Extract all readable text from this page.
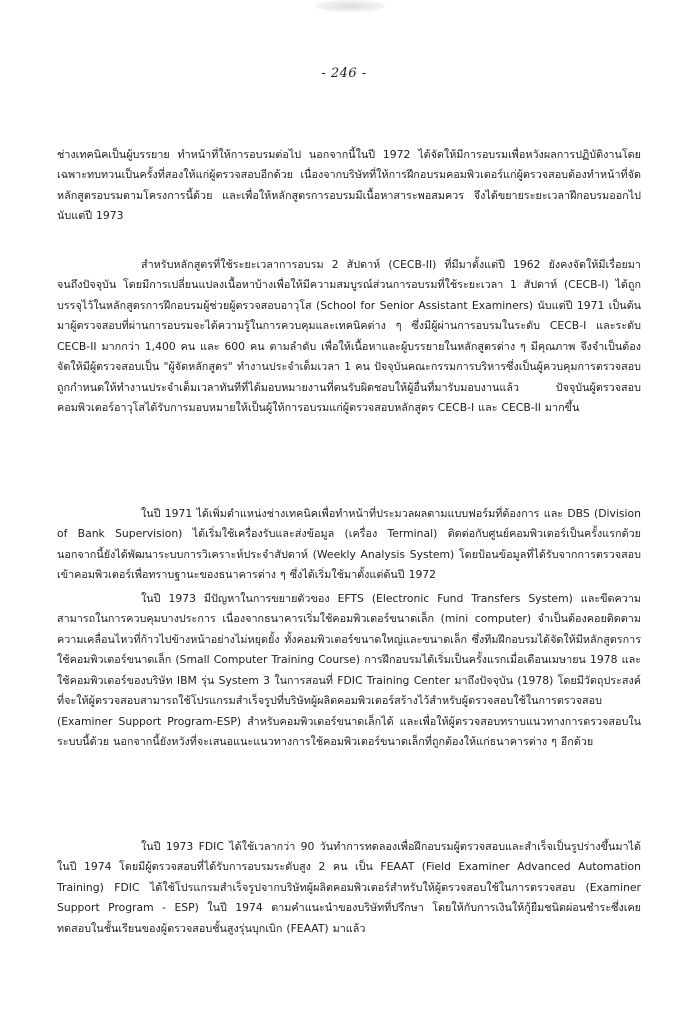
- 246 -

ช่างเทคนิคเป็นผู้บรรยาย ทำหน้าที่ให้การอบรมต่อไป นอกจากนี้ในปี 1972 ได้จัดให้มีการอบรมเพื่อหวังผลการปฏิบัติงานโดยเฉพาะทบทวนเป็นครั้งที่สองให้แก่ผู้ตรวจสอบอีกด้วย เนื่องจากบริษัทที่ให้การฝึกอบรมคอมพิวเตอร์แก่ผู้ตรวจสอบต้องทำหน้าที่จัดหลักสูตรอบรมตามโครงการนี้ด้วย และเพื่อให้หลักสูตรการอบรมมีเนื้อหาสาระพอสมควร จึงได้ขยายระยะเวลาฝึกอบรมออกไปนับแต่ปี 1973

สำหรับหลักสูตรที่ใช้ระยะเวลาการอบรม 2 สัปดาห์ (CECB-II) ที่มีมาตั้งแต่ปี 1962 ยังคงจัดให้มีเรื่อยมาจนถึงปัจจุบัน โดยมีการเปลี่ยนแปลงเนื้อหาบ้างเพื่อให้มีความสมบูรณ์ส่วนการอบรมที่ใช้ระยะเวลา 1 สัปดาห์ (CECB-I) ได้ถูกบรรจุไว้ในหลักสูตรการฝึกอบรมผู้ช่วยผู้ตรวจสอบอาวุโส (School for Senior Assistant Examiners) นับแต่ปี 1971 เป็นต้นมาผู้ตรวจสอบที่ผ่านการอบรมจะได้ความรู้ในการควบคุมและเทคนิคต่าง ๆ ซึ่งมีผู้ผ่านการอบรมในระดับ CECB-I และระดับ CECB-II มากกว่า 1,400 คน และ 600 คน ตามลำดับ เพื่อให้เนื้อหาและผู้บรรยายในหลักสูตรต่าง ๆ มีคุณภาพ จึงจำเป็นต้องจัดให้มีผู้ตรวจสอบเป็น "ผู้จัดหลักสูตร" ทำงานประจำเต็มเวลา 1 คน ปัจจุบันคณะกรรมการบริหารซึ่งเป็นผู้ควบคุมการตรวจสอบถูกกำหนดให้ทำงานประจำเต็มเวลาทันทีที่ได้มอบหมายงานที่ตนรับผิดชอบให้ผู้อื่นที่มารับมอบงานแล้ว ปัจจุบันผู้ตรวจสอบคอมพิวเตอร์อาวุโสได้รับการมอบหมายให้เป็นผู้ให้การอบรมแก่ผู้ตรวจสอบหลักสูตร CECB-I และ CECB-II มากขึ้น

ในปี 1971 ได้เพิ่มตำแหน่งช่างเทคนิคเพื่อทำหน้าที่ประมวลผลตามแบบฟอร์มที่ต้องการ และ DBS (Division of Bank Supervision) ได้เริ่มใช้เครื่องรับและส่งข้อมูล (เครื่อง Terminal) ติดต่อกับศูนย์คอมพิวเตอร์เป็นครั้งแรกด้วย นอกจากนี้ยังได้พัฒนาระบบการวิเคราะห์ประจำสัปดาห์ (Weekly Analysis System) โดยป้อนข้อมูลที่ได้รับจากการตรวจสอบเข้าคอมพิวเตอร์เพื่อทราบฐานะของธนาคารต่าง ๆ ซึ่งได้เริ่มใช้มาตั้งแต่ต้นปี 1972

ในปี 1973 มีปัญหาในการขยายตัวของ EFTS (Electronic Fund Transfers System) และขีดความสามารถในการควบคุมบางประการ เนื่องจากธนาคารเริ่มใช้คอมพิวเตอร์ขนาดเล็ก (mini computer) จำเป็นต้องคอยติดตามความเคลื่อนไหวที่ก้าวไปข้างหน้าอย่างไม่หยุดยั้ง ทั้งคอมพิวเตอร์ขนาดใหญ่และขนาดเล็ก ซึ่งทีมฝึกอบรมได้จัดให้มีหลักสูตรการใช้คอมพิวเตอร์ขนาดเล็ก (Small Computer Training Course) การฝึกอบรมได้เริ่มเป็นครั้งแรกเมื่อเดือนเมษายน 1978 และใช้คอมพิวเตอร์ของบริษัท IBM รุ่น System 3 ในการสอนที่ FDIC Training Center มาถึงปัจจุบัน (1978) โดยมีวัตถุประสงค์ที่จะให้ผู้ตรวจสอบสามารถใช้โปรแกรมสำเร็จรูปที่บริษัทผู้ผลิตคอมพิวเตอร์สร้างไว้สำหรับผู้ตรวจสอบใช้ในการตรวจสอบ (Examiner Support Program-ESP) สำหรับคอมพิวเตอร์ขนาดเล็กได้ และเพื่อให้ผู้ตรวจสอบทราบแนวทางการตรวจสอบในระบบนี้ด้วย นอกจากนี้ยังหวังที่จะเสนอแนะแนวทางการใช้คอมพิวเตอร์ขนาดเล็กที่ถูกต้องให้แก่ธนาคารต่าง ๆ อีกด้วย

ในปี 1973 FDIC ได้ใช้เวลากว่า 90 วันทำการทดลองเพื่อฝึกอบรมผู้ตรวจสอบและสำเร็จเป็นรูปร่างขึ้นมาได้ในปี 1974 โดยมีผู้ตรวจสอบที่ได้รับการอบรมระดับสูง 2 คน เป็น FEAAT (Field Examiner Advanced Automation Training) FDIC ได้ใช้โปรแกรมสำเร็จรูปจากบริษัทผู้ผลิตคอมพิวเตอร์สำหรับให้ผู้ตรวจสอบใช้ในการตรวจสอบ (Examiner Support Program - ESP) ในปี 1974 ตามคำแนะนำของบริษัทที่ปรึกษา โดยให้กับการเงินให้กู้ยืมชนิดผ่อนชำระซึ่งเคยทดสอบในชั้นเรียนของผู้ตรวจสอบชั้นสูงรุ่นบุกเบิก (FEAAT) มาแล้ว
